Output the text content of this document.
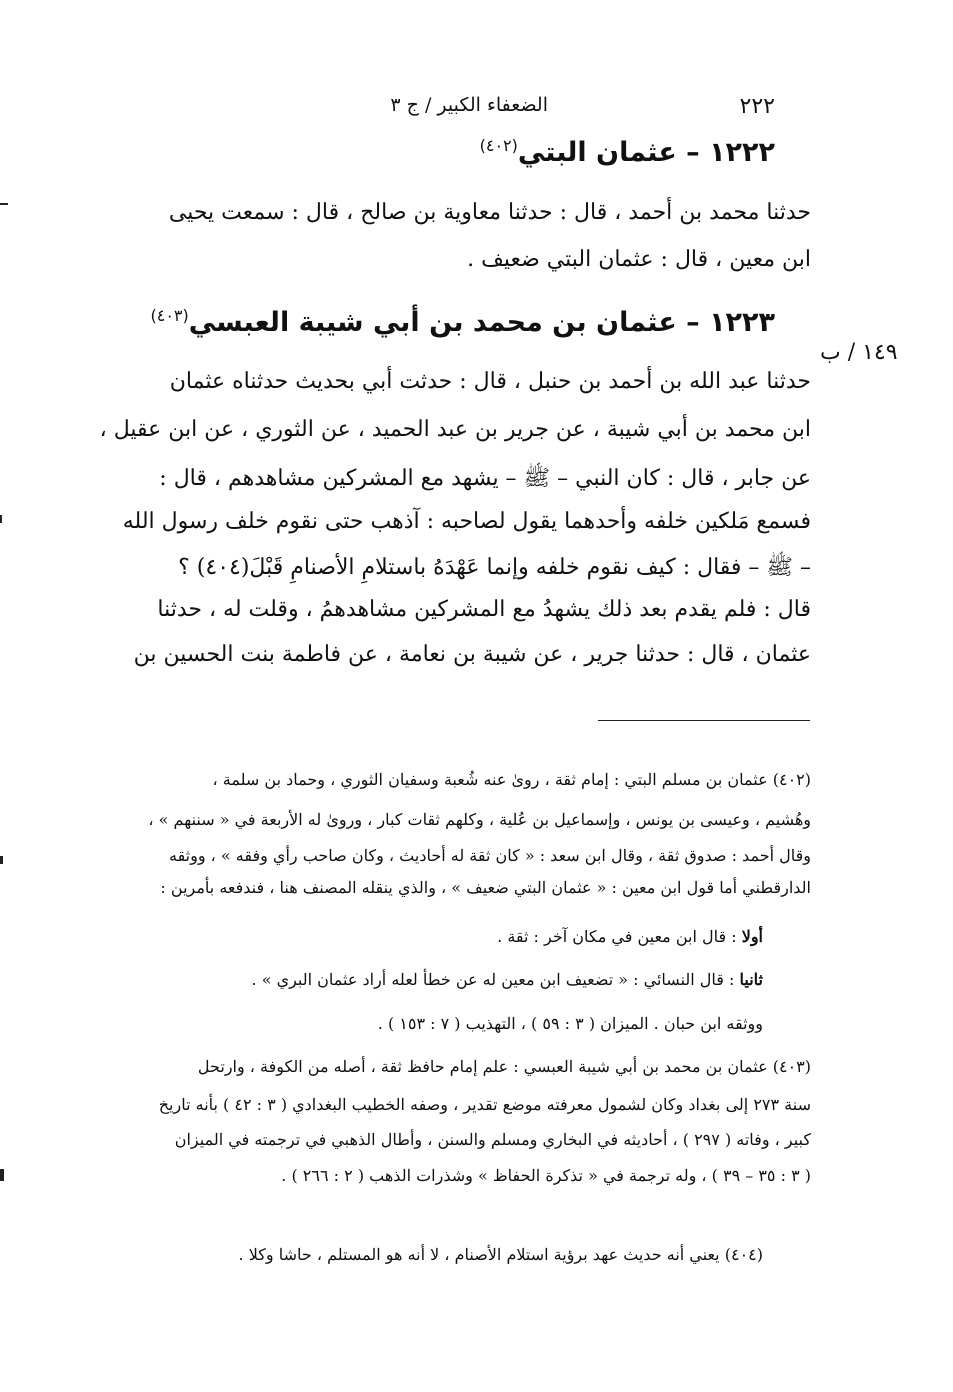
٢٢٢
الضعفاء الكبير / ج ٣
١٢٢٢ – عثمان البتي$^{(٤٠٢)}$
حدثنا محمد بن أحمد ، قال : حدثنا معاوية بن صالح ، قال : سمعت يحيى
ابن معين ، قال : عثمان البتي ضعيف .
١٢٢٣ – عثمان بن محمد بن أبي شيبة العبسي$^{(٤٠٣)}$
١٤٩ / ب
حدثنا عبد الله بن أحمد بن حنبل ، قال : حدثت أبي بحديث حدثناه عثمان
ابن محمد بن أبي شيبة ، عن جرير بن عبد الحميد ، عن الثوري ، عن ابن عقيل ،
عن جابر ، قال : كان النبي – ﷺ – يشهد مع المشركين مشاهدهم ، قال :
فسمع مَلكين خلفه وأحدهما يقول لصاحبه : آذهب حتى نقوم خلف رسول الله
– ﷺ – فقال : كيف نقوم خلفه وإنما عَهْدَهُ باستلامِ الأصنامِ قَبْلَ(٤٠٤) ؟
قال : فلم يقدم بعد ذلك يشهدُ مع المشركين مشاهدهمُ ، وقلت له ، حدثنا
عثمان ، قال : حدثنا جرير ، عن شيبة بن نعامة ، عن فاطمة بنت الحسين بن
(٤٠٢) عثمان بن مسلم البتي : إمام ثقة ، روىٰ عنه شُعبة وسفيان الثوري ، وحماد بن سلمة ،
وهُشيم ، وعيسى بن يونس ، وإسماعيل بن عُلية ، وكلهم ثقات كبار ، وروىٰ له الأربعة في « سننهم » ،
وقال أحمد : صدوق ثقة ، وقال ابن سعد : « كان ثقة له أحاديث ، وكان صاحب رأي وفقه » ، ووثقه
الدارقطني أما قول ابن معين : « عثمان البتي ضعيف » ، والذي ينقله المصنف هنا ، فندفعه بأمرين :
أولا : قال ابن معين في مكان آخر : ثقة .
ثانيا : قال النسائي : « تضعيف ابن معين له عن خطأ لعله أراد عثمان البري » .
ووثقه ابن حبان . الميزان ( ٣ : ٥٩ ) ، التهذيب ( ٧ : ١٥٣ ) .
(٤٠٣) عثمان بن محمد بن أبي شيبة العبسي : علم إمام حافظ ثقة ، أصله من الكوفة ، وارتحل
سنة ٢٧٣ إلى بغداد وكان لشمول معرفته موضع تقدير ، وصفه الخطيب البغدادي ( ٣ : ٤٢ ) بأنه تاريخ
كبير ، وفاته ( ٢٩٧ ) ، أحاديثه في البخاري ومسلم والسنن ، وأطال الذهبي في ترجمته في الميزان
( ٣ : ٣٥ – ٣٩ ) ، وله ترجمة في « تذكرة الحفاظ » وشذرات الذهب ( ٢ : ٢٦٦ ) .
(٤٠٤) يعني أنه حديث عهد برؤية استلام الأصنام ، لا أنه هو المستلم ، حاشا وكلا .
